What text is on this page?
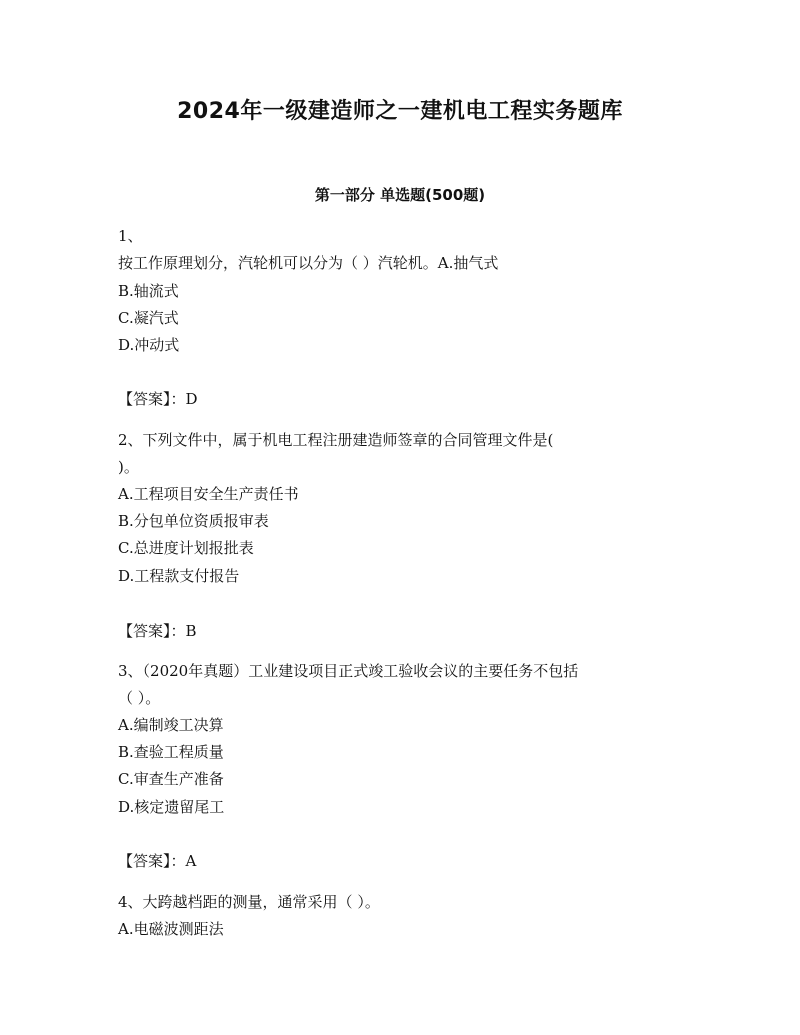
2024年一级建造师之一建机电工程实务题库
第一部分 单选题(500题)
1、
按工作原理划分，汽轮机可以分为（ ）汽轮机。A.抽气式
B.轴流式
C.凝汽式
D.冲动式
【答案】：D
2、下列文件中，属于机电工程注册建造师签章的合同管理文件是(
)。
A.工程项目安全生产责任书
B.分包单位资质报审表
C.总进度计划报批表
D.工程款支付报告
【答案】：B
3、（2020年真题）工业建设项目正式竣工验收会议的主要任务不包括
（ ）。
A.编制竣工决算
B.查验工程质量
C.审查生产准备
D.核定遗留尾工
【答案】：A
4、大跨越档距的测量，通常采用（ ）。
A.电磁波测距法
